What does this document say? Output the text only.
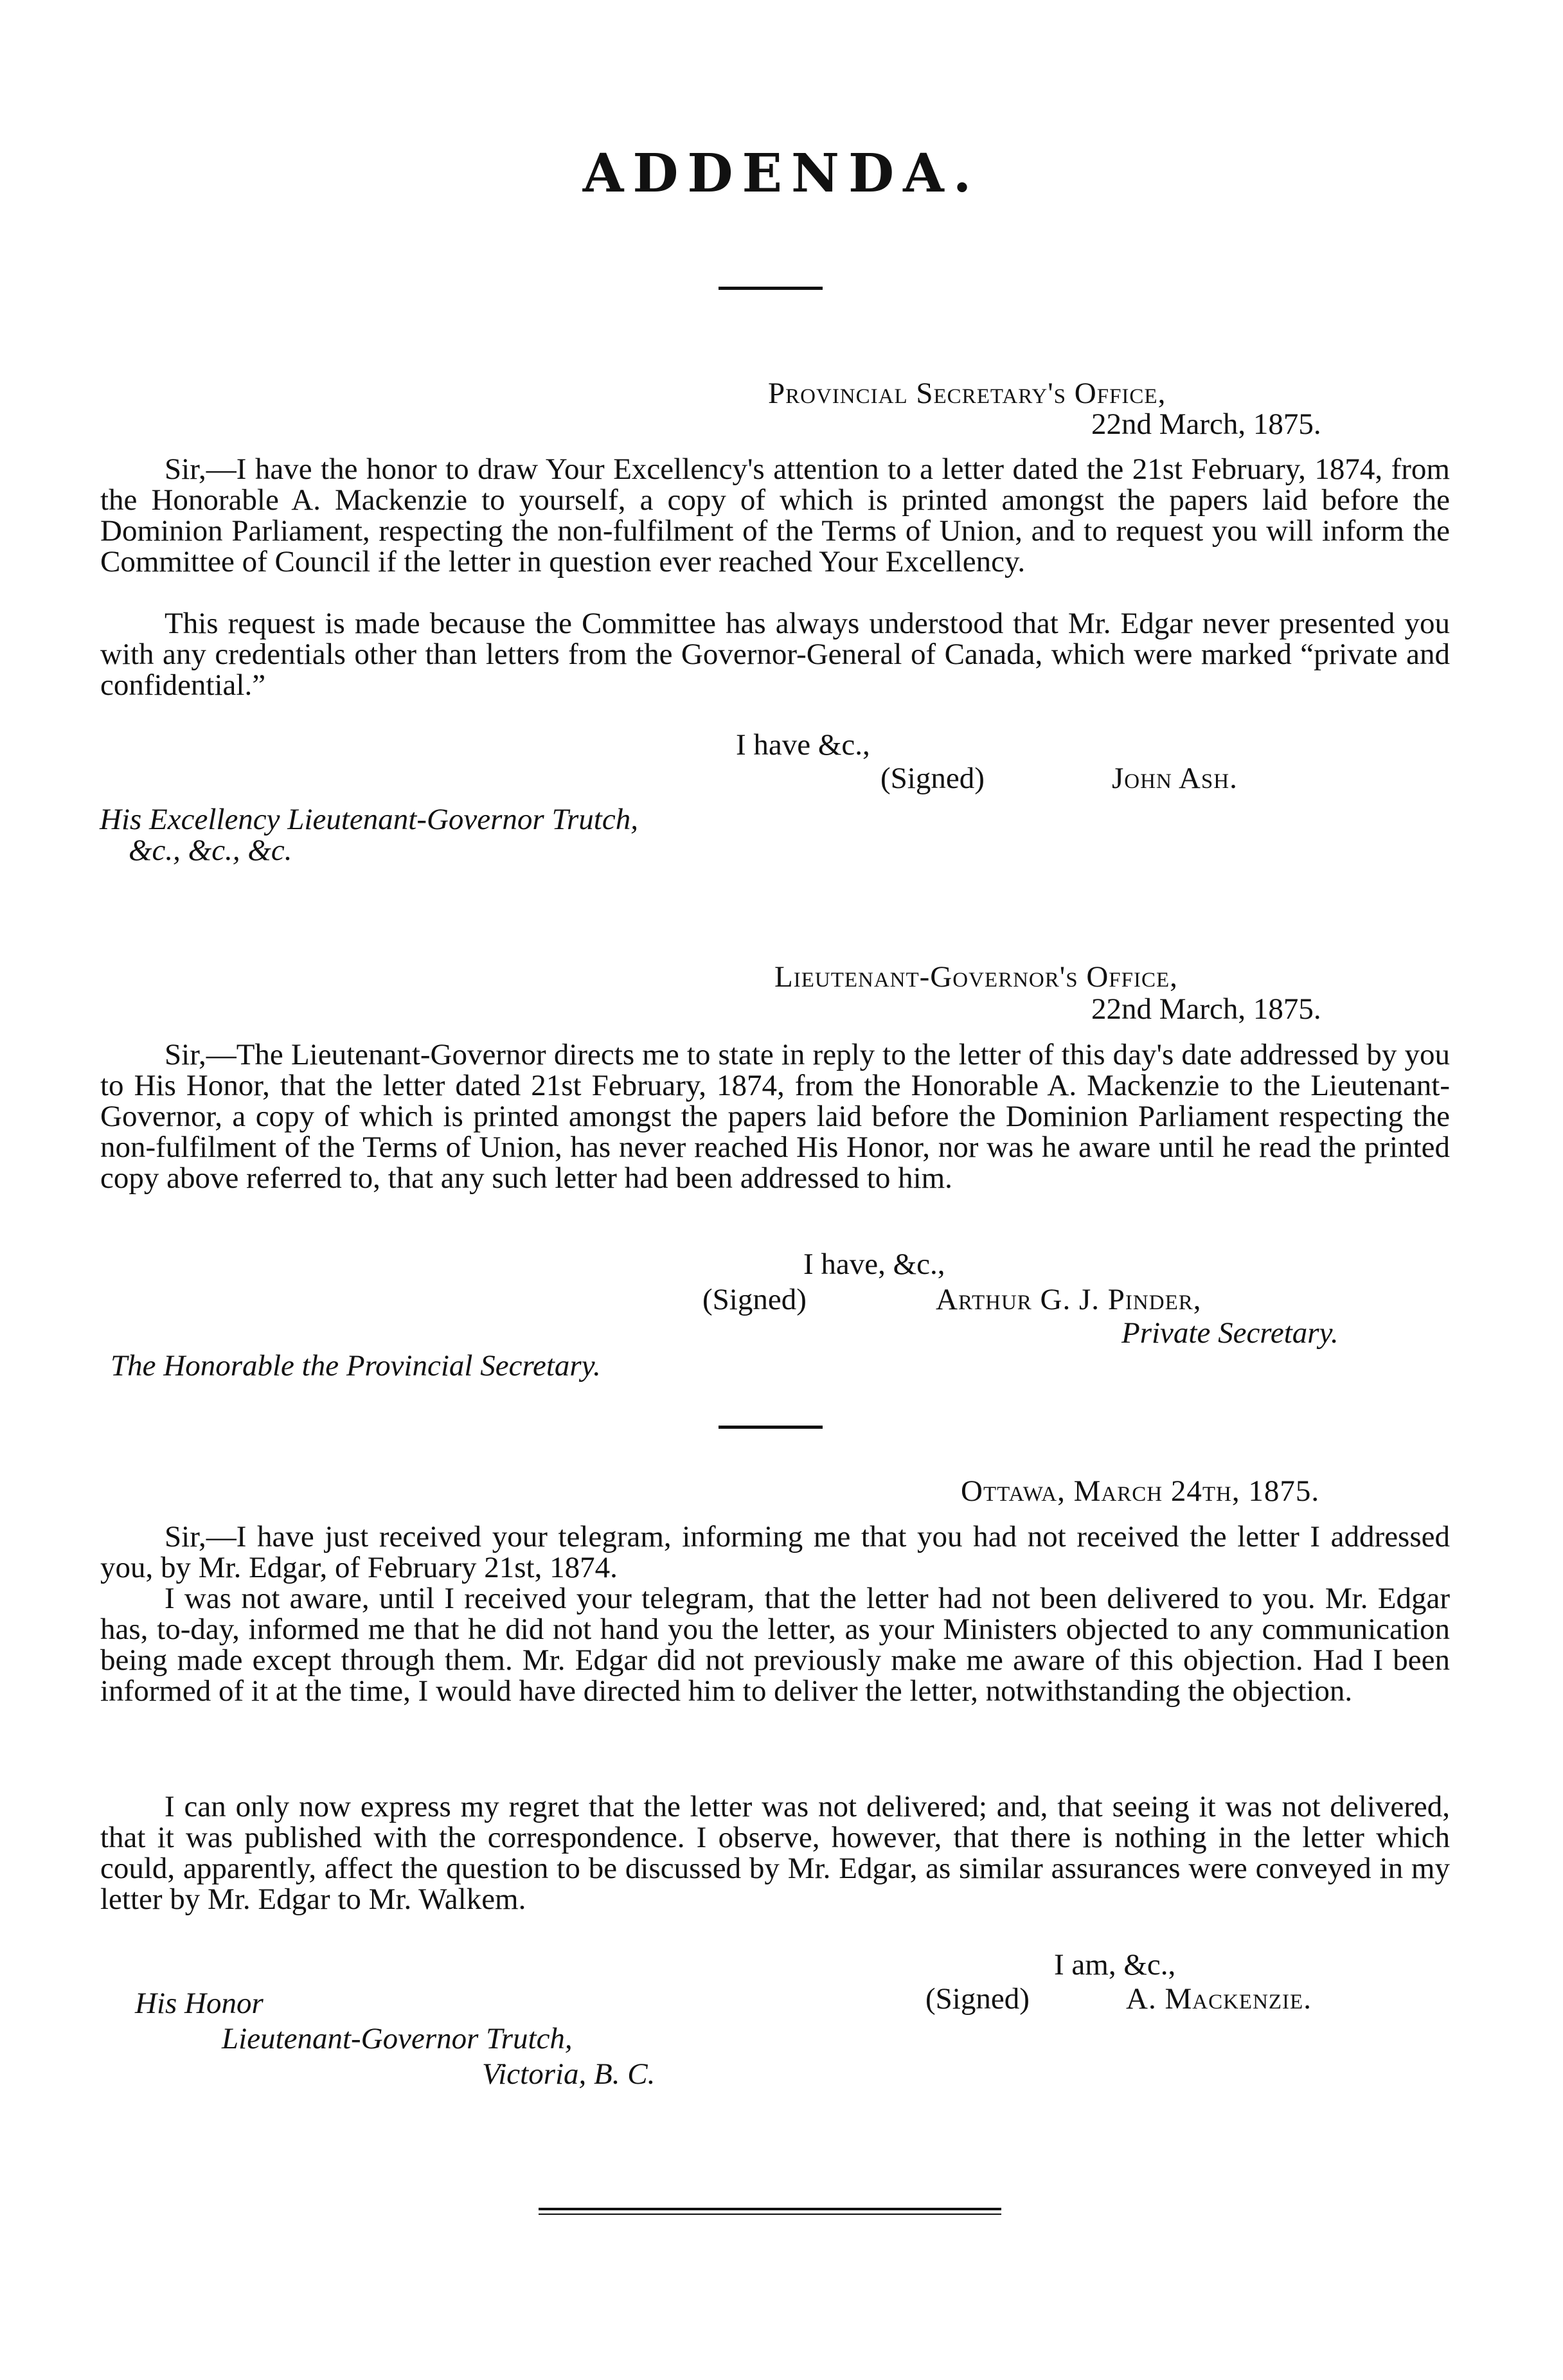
ADDENDA.
Provincial Secretary's Office,
22nd March, 1875.
Sir,—I have the honor to draw Your Excellency's attention to a letter dated the 21st February, 1874, from the Honorable A. Mackenzie to yourself, a copy of which is printed amongst the papers laid before the Dominion Parliament, respecting the non-fulfilment of the Terms of Union, and to request you will inform the Committee of Council if the letter in question ever reached Your Excellency.
This request is made because the Committee has always understood that Mr. Edgar never presented you with any credentials other than letters from the Governor-General of Canada, which were marked “private and confidential.”
I have &c.,
(Signed)	John Ash.
His Excellency Lieutenant-Governor Trutch,
&c., &c., &c.
Lieutenant-Governor's Office,
22nd March, 1875.
Sir,—The Lieutenant-Governor directs me to state in reply to the letter of this day's date addressed by you to His Honor, that the letter dated 21st February, 1874, from the Honorable A. Mackenzie to the Lieutenant-Governor, a copy of which is printed amongst the papers laid before the Dominion Parliament respecting the non-fulfilment of the Terms of Union, has never reached His Honor, nor was he aware until he read the printed copy above referred to, that any such letter had been addressed to him.
I have, &c.,
(Signed)	Arthur G. J. Pinder,
Private Secretary.
The Honorable the Provincial Secretary.
Ottawa, March 24th, 1875.
Sir,—I have just received your telegram, informing me that you had not received the letter I addressed you, by Mr. Edgar, of February 21st, 1874.
I was not aware, until I received your telegram, that the letter had not been delivered to you. Mr. Edgar has, to-day, informed me that he did not hand you the letter, as your Ministers objected to any communication being made except through them. Mr. Edgar did not previously make me aware of this objection. Had I been informed of it at the time, I would have directed him to deliver the letter, notwithstanding the objection.
I can only now express my regret that the letter was not delivered; and, that seeing it was not delivered, that it was published with the correspondence. I observe, however, that there is nothing in the letter which could, apparently, affect the question to be discussed by Mr. Edgar, as similar assurances were conveyed in my letter by Mr. Edgar to Mr. Walkem.
I am, &c.,
(Signed)	A. Mackenzie.
His Honor
Lieutenant-Governor Trutch,
Victoria, B. C.
